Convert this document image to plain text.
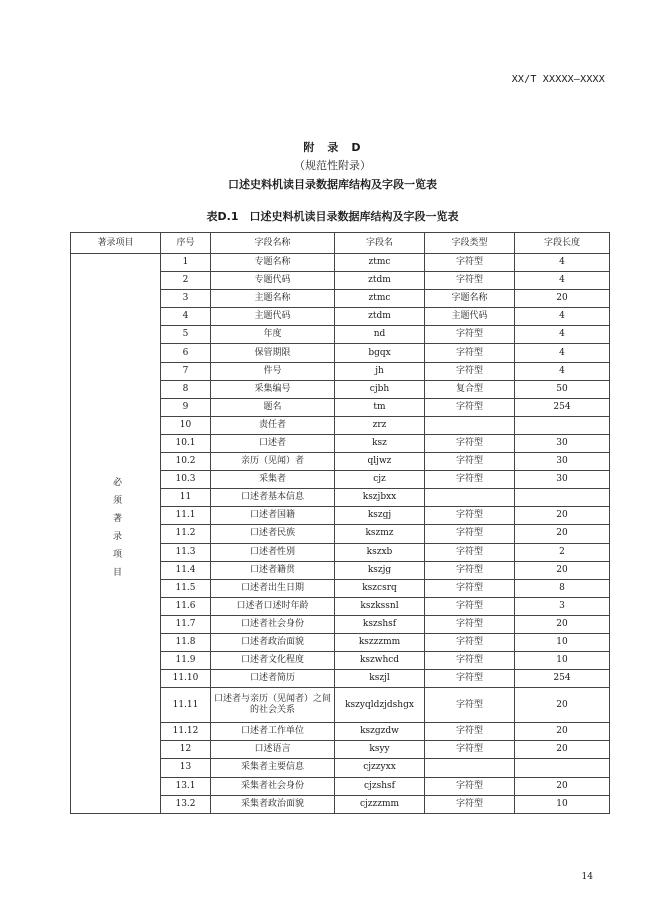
XX/T XXXXX—XXXX
附　录　D
（规范性附录）
口述史料机读目录数据库结构及字段一览表
表D.1　口述史料机读目录数据库结构及字段一览表
著录项目	序号	字段名称	字段名	字段类型	字段长度
必须著录项目	1	专题名称	ztmc	字符型	4
	2	专题代码	ztdm	字符型	4
	3	主题名称	ztmc	字题名称	20
	4	主题代码	ztdm	主题代码	4
	5	年度	nd	字符型	4
	6	保管期限	bgqx	字符型	4
	7	件号	jh	字符型	4
	8	采集编号	cjbh	复合型	50
	9	题名	tm	字符型	254
	10	责任者	zrz		
	10.1	口述者	ksz	字符型	30
	10.2	亲历（见闻）者	qljwz	字符型	30
	10.3	采集者	cjz	字符型	30
	11	口述者基本信息	kszjbxx		
	11.1	口述者国籍	kszgj	字符型	20
	11.2	口述者民族	kszmz	字符型	20
	11.3	口述者性别	kszxb	字符型	2
	11.4	口述者籍贯	kszjg	字符型	20
	11.5	口述者出生日期	kszcsrq	字符型	8
	11.6	口述者口述时年龄	kszkssnl	字符型	3
	11.7	口述者社会身份	kszshsf	字符型	20
	11.8	口述者政治面貌	kszzzmm	字符型	10
	11.9	口述者文化程度	kszwhcd	字符型	10
	11.10	口述者简历	kszjl	字符型	254
	11.11	口述者与亲历（见闻者）之间的社会关系	kszyqldzjdshgx	字符型	20
	11.12	口述者工作单位	kszgzdw	字符型	20
	12	口述语言	ksyy	字符型	20
	13	采集者主要信息	cjzzyxx		
	13.1	采集者社会身份	cjzshsf	字符型	20
	13.2	采集者政治面貌	cjzzzmm	字符型	10
14
